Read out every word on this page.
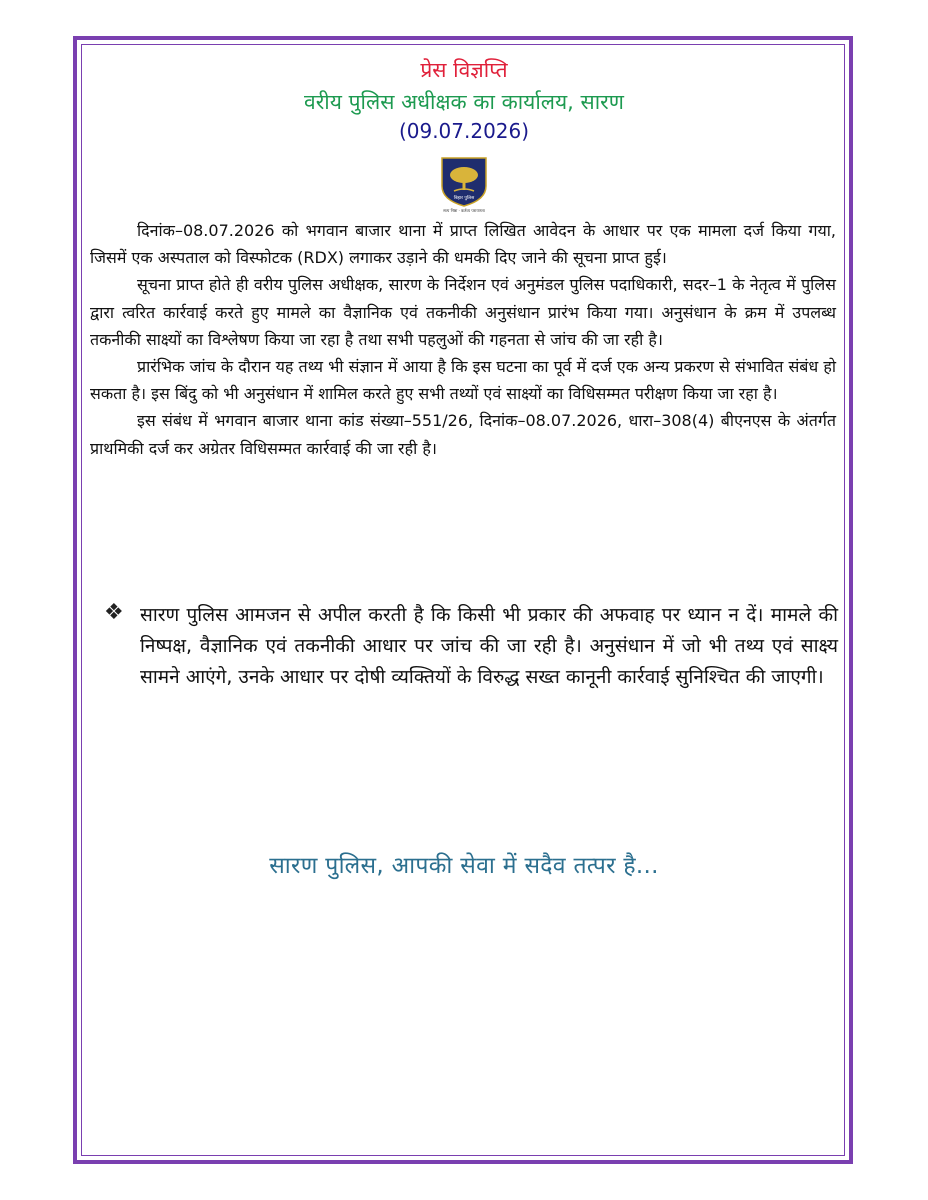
प्रेस विज्ञप्ति
वरीय पुलिस अधीक्षक का कार्यालय, सारण
(09.07.2026)
बिहार पुलिस
सत्य निष्ठा · कर्तव्य परायणता

दिनांक–08.07.2026 को भगवान बाजार थाना में प्राप्त लिखित आवेदन के आधार पर एक मामला दर्ज किया गया, जिसमें एक अस्पताल को विस्फोटक (RDX) लगाकर उड़ाने की धमकी दिए जाने की सूचना प्राप्त हुई।

सूचना प्राप्त होते ही वरीय पुलिस अधीक्षक, सारण के निर्देशन एवं अनुमंडल पुलिस पदाधिकारी, सदर–1 के नेतृत्व में पुलिस द्वारा त्वरित कार्रवाई करते हुए मामले का वैज्ञानिक एवं तकनीकी अनुसंधान प्रारंभ किया गया। अनुसंधान के क्रम में उपलब्ध तकनीकी साक्ष्यों का विश्लेषण किया जा रहा है तथा सभी पहलुओं की गहनता से जांच की जा रही है।

प्रारंभिक जांच के दौरान यह तथ्य भी संज्ञान में आया है कि इस घटना का पूर्व में दर्ज एक अन्य प्रकरण से संभावित संबंध हो सकता है। इस बिंदु को भी अनुसंधान में शामिल करते हुए सभी तथ्यों एवं साक्ष्यों का विधिसम्मत परीक्षण किया जा रहा है।

इस संबंध में भगवान बाजार थाना कांड संख्या–551/26, दिनांक–08.07.2026, धारा–308(4) बीएनएस के अंतर्गत प्राथमिकी दर्ज कर अग्रेतर विधिसम्मत कार्रवाई की जा रही है।

❖ सारण पुलिस आमजन से अपील करती है कि किसी भी प्रकार की अफवाह पर ध्यान न दें। मामले की निष्पक्ष, वैज्ञानिक एवं तकनीकी आधार पर जांच की जा रही है। अनुसंधान में जो भी तथ्य एवं साक्ष्य सामने आएंगे, उनके आधार पर दोषी व्यक्तियों के विरुद्ध सख्त कानूनी कार्रवाई सुनिश्चित की जाएगी।
सारण पुलिस, आपकी सेवा में सदैव तत्पर है...
